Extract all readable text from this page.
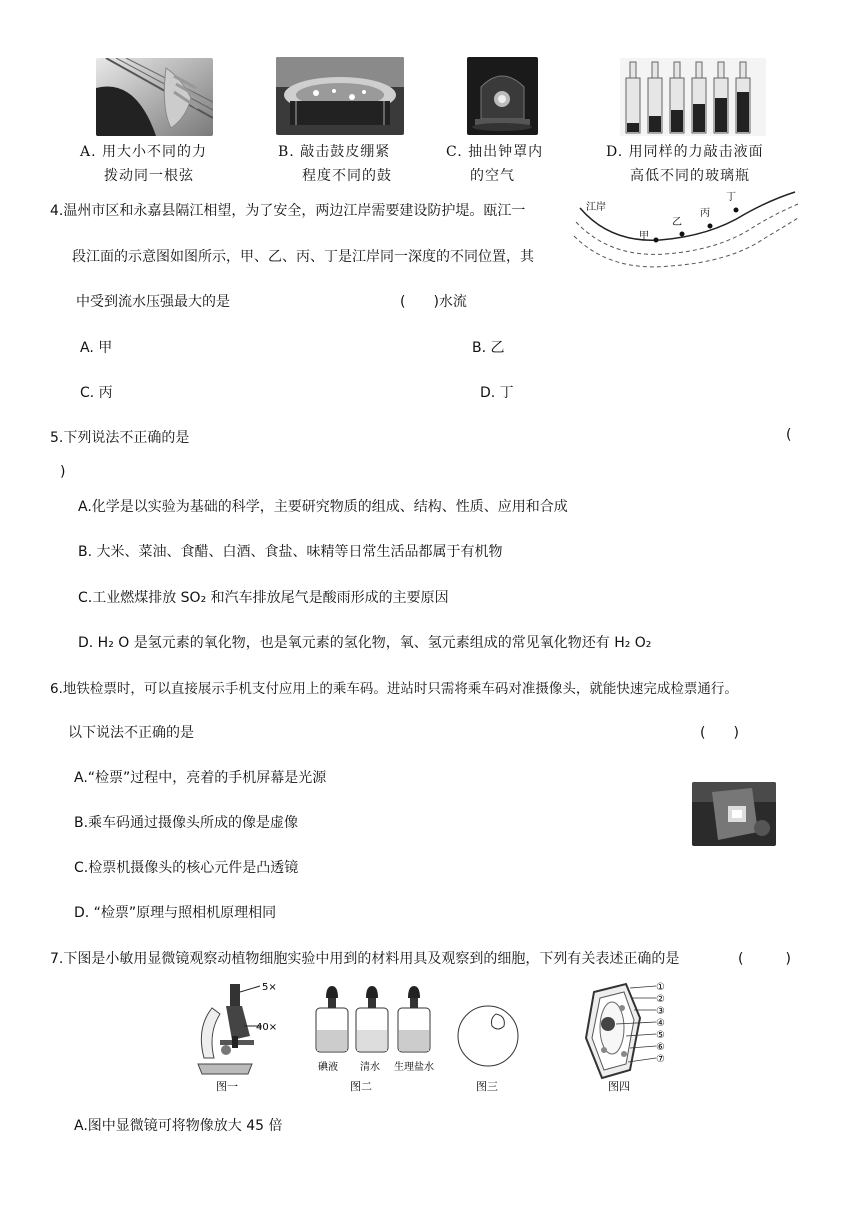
A. 用大小不同的力
拨动同一根弦
B. 敲击鼓皮绷紧
程度不同的鼓
C. 抽出钟罩内
的空气
D. 用同样的力敲击液面
高低不同的玻璃瓶
4.温州市区和永嘉县隔江相望，为了安全，两边江岸需要建设防护堤。瓯江一
段江面的示意图如图所示，甲、乙、丙、丁是江岸同一深度的不同位置，其
中受到流水压强最大的是	(　　)水流
江岸
甲
乙
丙
丁
A. 甲	B. 乙
C. 丙	D. 丁
5.下列说法不正确的是	(
)
A.化学是以实验为基础的科学，主要研究物质的组成、结构、性质、应用和合成
B. 大米、菜油、食醋、白酒、食盐、味精等日常生活品都属于有机物
C.工业燃煤排放 SO₂ 和汽车排放尾气是酸雨形成的主要原因
D. H₂ O 是氢元素的氧化物，也是氧元素的氢化物，氧、氢元素组成的常见氧化物还有 H₂ O₂
6.地铁检票时，可以直接展示手机支付应用上的乘车码。进站时只需将乘车码对准摄像头，就能快速完成检票通行。
以下说法不正确的是	(　　)
A.“检票”过程中，亮着的手机屏幕是光源
B.乘车码通过摄像头所成的像是虚像
C.检票机摄像头的核心元件是凸透镜
D. “检票”原理与照相机原理相同
7.下图是小敏用显微镜观察动植物细胞实验中用到的材料用具及观察到的细胞，下列有关表述正确的是	(　　　)
5×
40×
图一
碘液 清水 生理盐水
图二	图三
①
②
③
④
⑤
⑥
⑦
图四
A.图中显微镜可将物像放大 45 倍
